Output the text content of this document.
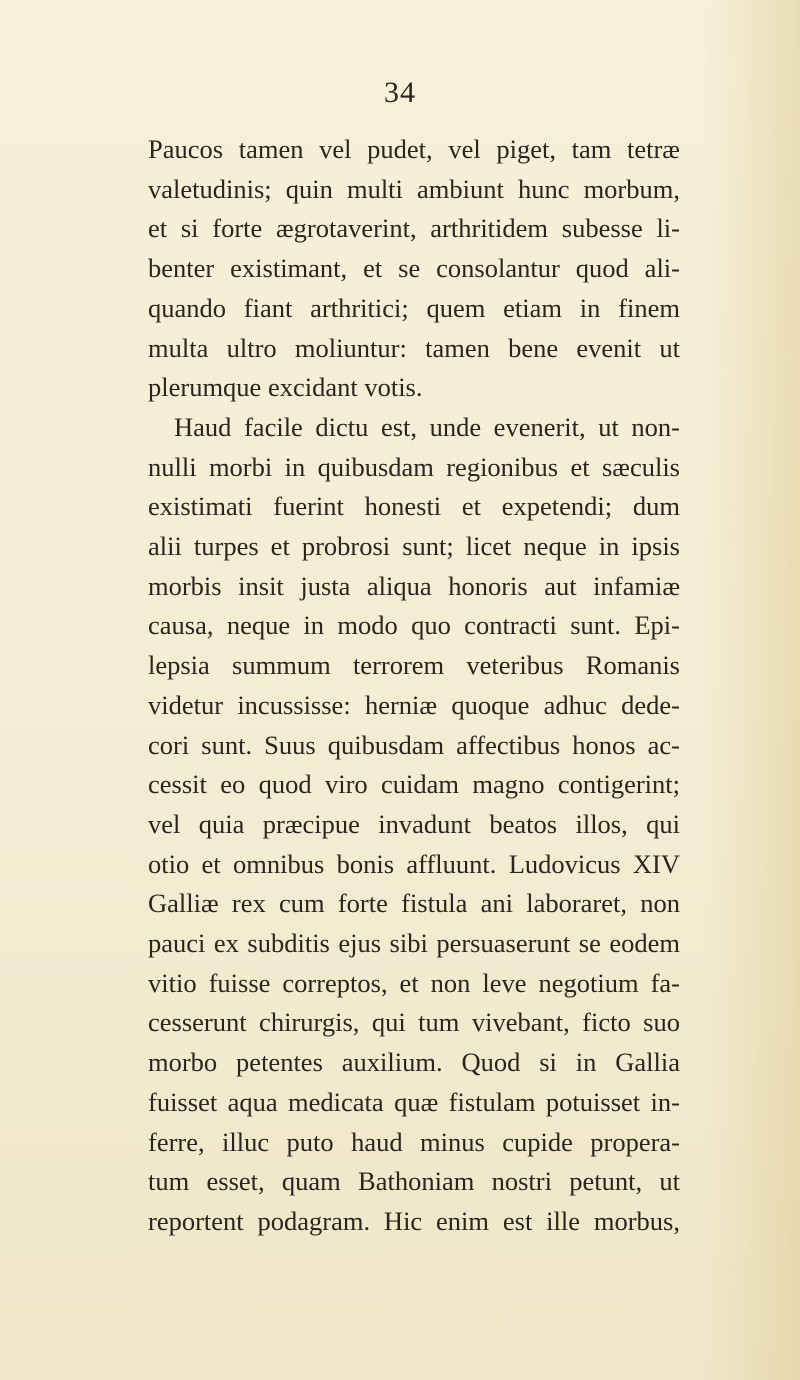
34
Paucos tamen vel pudet, vel piget, tam tetræ
valetudinis; quin multi ambiunt hunc morbum,
et si forte ægrotaverint, arthritidem subesse li-
benter existimant, et se consolantur quod ali-
quando fiant arthritici; quem etiam in finem
multa ultro moliuntur: tamen bene evenit ut
plerumque excidant votis.
Haud facile dictu est, unde evenerit, ut non-
nulli morbi in quibusdam regionibus et sæculis
existimati fuerint honesti et expetendi; dum
alii turpes et probrosi sunt; licet neque in ipsis
morbis insit justa aliqua honoris aut infamiæ
causa, neque in modo quo contracti sunt. Epi-
lepsia summum terrorem veteribus Romanis
videtur incussisse: herniæ quoque adhuc dede-
cori sunt. Suus quibusdam affectibus honos ac-
cessit eo quod viro cuidam magno contigerint;
vel quia præcipue invadunt beatos illos, qui
otio et omnibus bonis affluunt. Ludovicus XIV
Galliæ rex cum forte fistula ani laboraret, non
pauci ex subditis ejus sibi persuaserunt se eodem
vitio fuisse correptos, et non leve negotium fa-
cesserunt chirurgis, qui tum vivebant, ficto suo
morbo petentes auxilium. Quod si in Gallia
fuisset aqua medicata quæ fistulam potuisset in-
ferre, illuc puto haud minus cupide propera-
tum esset, quam Bathoniam nostri petunt, ut
reportent podagram. Hic enim est ille morbus,
